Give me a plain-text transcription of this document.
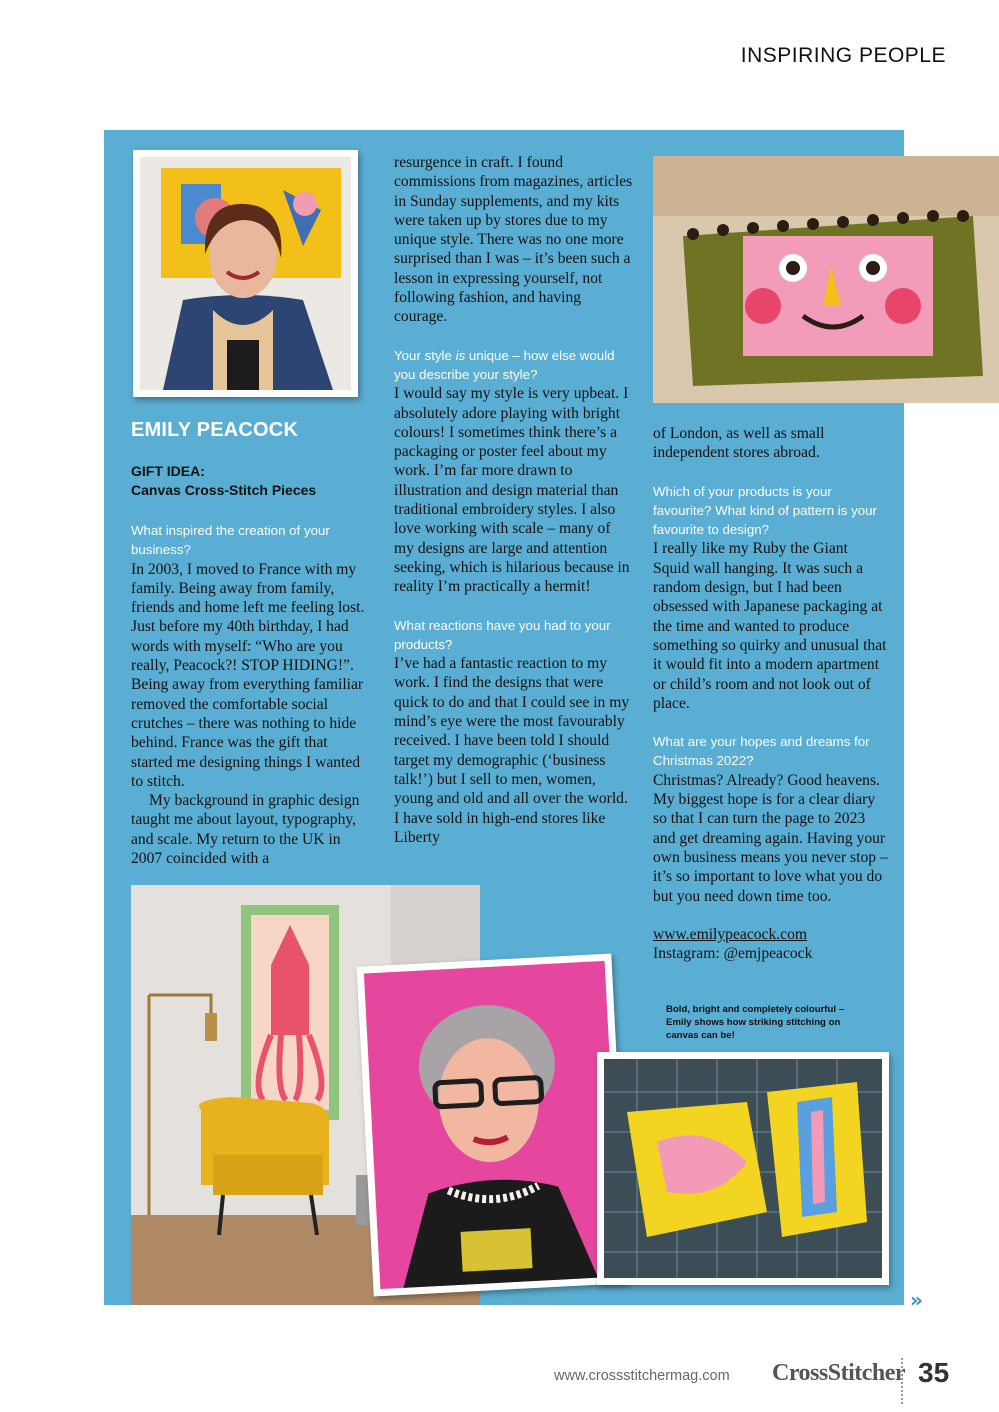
INSPIRING PEOPLE
EMILY PEACOCK
GIFT IDEA:
Canvas Cross-Stitch Pieces

What inspired the creation of your business?

In 2003, I moved to France with my family. Being away from family, friends and home left me feeling lost. Just before my 40th birthday, I had words with myself: “Who are you really, Peacock?! STOP HIDING!”. Being away from everything familiar removed the comfortable social crutches – there was nothing to hide behind. France was the gift that started me designing things I wanted to stitch.

My background in graphic design taught me about layout, typography, and scale. My return to the UK in 2007 coincided with a

resurgence in craft. I found commissions from magazines, articles in Sunday supplements, and my kits were taken up by stores due to my unique style. There was no one more surprised than I was – it’s been such a lesson in expressing yourself, not following fashion, and having courage.

Your style is unique – how else would you describe your style?

I would say my style is very upbeat. I absolutely adore playing with bright colours! I sometimes think there’s a packaging or poster feel about my work. I’m far more drawn to illustration and design material than traditional embroidery styles. I also love working with scale – many of my designs are large and attention seeking, which is hilarious because in reality I’m practically a hermit!

What reactions have you had to your products?

I’ve had a fantastic reaction to my work. I find the designs that were quick to do and that I could see in my mind’s eye were the most favourably received. I have been told I should target my demographic (‘business talk!’) but I sell to men, women, young and old and all over the world. I have sold in high-end stores like Liberty

of London, as well as small independent stores abroad.

Which of your products is your favourite? What kind of pattern is your favourite to design?

I really like my Ruby the Giant Squid wall hanging. It was such a random design, but I had been obsessed with Japanese packaging at the time and wanted to produce something so quirky and unusual that it would fit into a modern apartment or child’s room and not look out of place.

What are your hopes and dreams for Christmas 2022?

Christmas? Already? Good heavens. My biggest hope is for a clear diary so that I can turn the page to 2023 and get dreaming again. Having your own business means you never stop – it’s so important to love what you do but you need down time too.

www.emilypeacock.com

Instagram: @emjpeacock

Bold, bright and completely colourful – Emily shows how striking stitching on canvas can be!
»
www.crossstitchermag.com CrossStitcher 35
